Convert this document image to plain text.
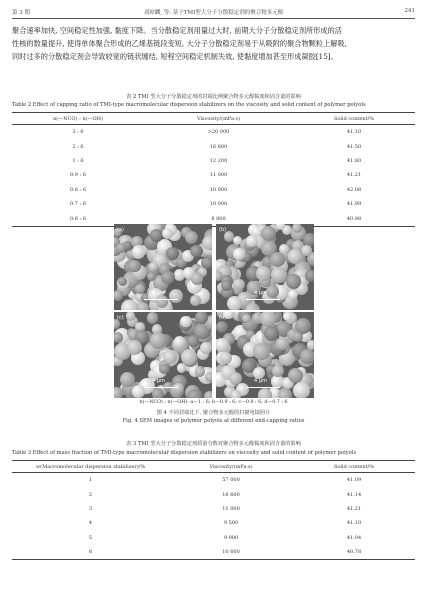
第 3 期	刘琼麟, 等: 基于TMI型大分子分散稳定剂的聚合物多元醇	241
聚合速率加快, 空间稳定性加强, 黏度下降。当分散稳定剂用量过大时, 前期大分子分散稳定剂所形成的活
性核的数量提升, 使得单体聚合形成的乙烯基链段变短, 大分子分散稳定剂易于从吸附的聚合物颗粒上解吸,
同时过多的分散稳定剂会导致较宽的链状缠结, 短程空间稳定机制失效, 使黏度增加甚至形成凝胶[15]。
表 2 TMI 型大分子分散稳定剂的封端比例聚合物多元醇黏度和固含量的影响
Table 2 Effect of capping ratio of TMI-type macromolecular dispersion stabilizers on the viscosity and solid content of polymer polyols
n(—NCO) : n(—OH)	Viscosity/(mPa·s)	Solid content/%
3 : 6	>20 000	41.10
2 : 6	16 600	41.50
1 : 6	12 200	41.80
0.9 : 6	11 000	41.21
0.8 : 6	10 000	42.08
0.7 : 6	10 000	41.99
0.6 : 6	8 800	40.98
(a)
4 μm
(b)
4 μm
(c)
4 μm
(d)
4 μm
n(—NCO) : n(—OH): a—1 : 6; b—0.9 : 6; c—0.8 : 6; d—0.7 : 6
图 4 不同封端比下, 聚合物多元醇的扫描电镜照片
Fig. 4 SEM images of polymer polyols at different end-capping ratios
表 3 TMI 型大分子分散稳定剂质量分数对聚合物多元醇黏度和固含量的影响
Table 3 Effect of mass fraction of TMI-type macromolecular dispersion stabilizers on viscosity and solid content of polymer polyols
w(Macromolecular dispersion stabilizer)/%	Viscosity/(mPa·s)	Solid content/%
1	57 000	41.09
2	16 600	41.14
3	11 000	41.21
4	9 500	41.10
5	9 900	41.04
8	10 600	40.78
